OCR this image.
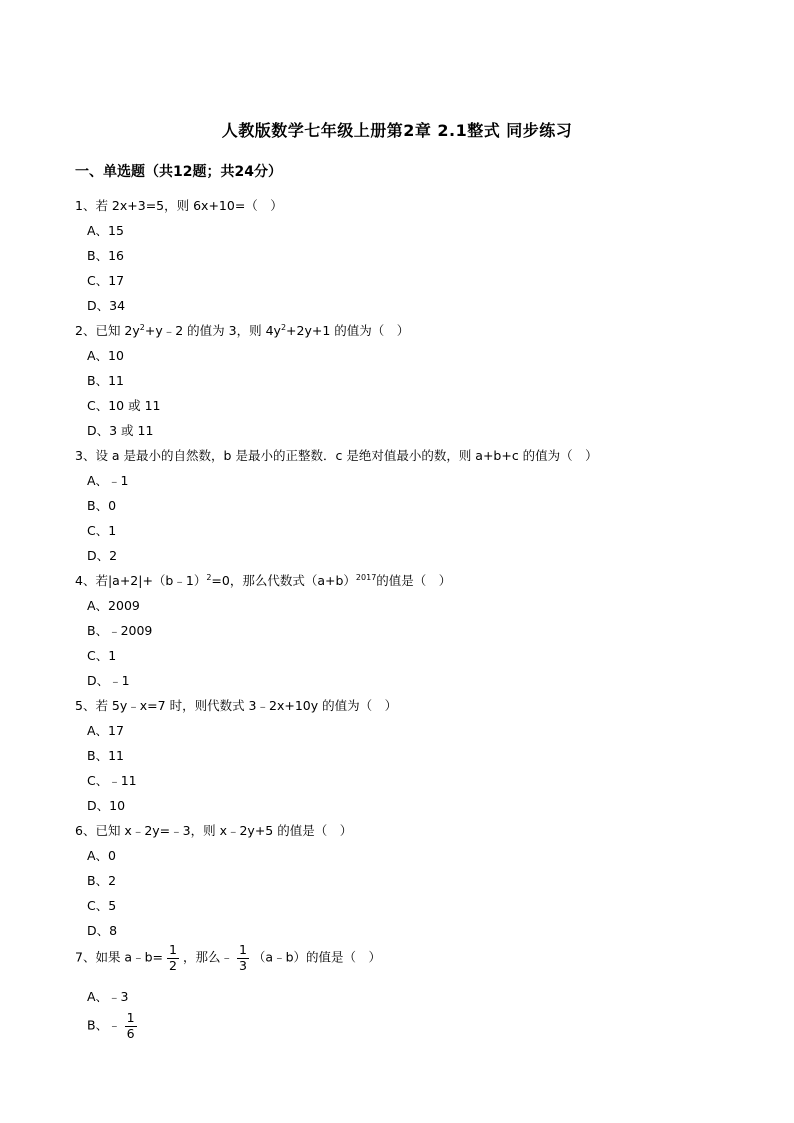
人教版数学七年级上册第2章 2.1整式 同步练习
一、单选题（共12题；共24分）
1、若 2x+3=5，则 6x+10=（　）
A、15
B、16
C、17
D、34
2、已知 $2y^2+y﹣2$ 的值为 3，则 $4y^2+2y+1$ 的值为（　）
A、10
B、11
C、10 或 11
D、3 或 11
3、设 a 是最小的自然数，b 是最小的正整数．c 是绝对值最小的数，则 a+b+c 的值为（　）
A、﹣1
B、0
C、1
D、2
4、若|a+2|+（b﹣1）$^2$=0，那么代数式$(a+b)^{2017}$的值是（　）
A、2009
B、﹣2009
C、1
D、﹣1
5、若 5y﹣x=7 时，则代数式 3﹣2x+10y 的值为（　）
A、17
B、11
C、﹣11
D、10
6、已知 x﹣2y=﹣3，则 x﹣2y+5 的值是（　）
A、0
B、2
C、5
D、8
7、如果 a﹣b= $\frac{1}{2}$ ，那么﹣ $\frac{1}{3}$ （a﹣b）的值是（　）
A、﹣3
B、﹣ $\frac{1}{6}$
